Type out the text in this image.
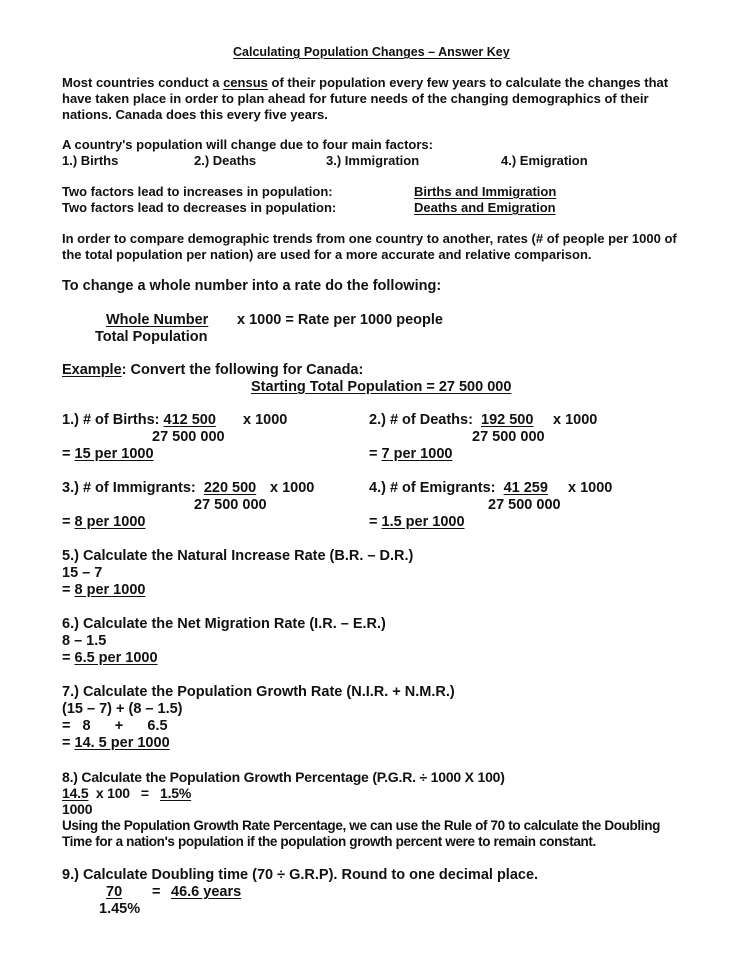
Calculating Population Changes – Answer Key
Most countries conduct a census of their population every few years to calculate the changes that
have taken place in order to plan ahead for future needs of the changing demographics of their
nations. Canada does this every five years.
A country's population will change due to four main factors:
1.) Births	2.) Deaths	3.) Immigration	4.) Emigration
Two factors lead to increases in population:	Births and Immigration
Two factors lead to decreases in population:	Deaths and Emigration
In order to compare demographic trends from one country to another, rates (# of people per 1000 of
the total population per nation) are used for a more accurate and relative comparison.
To change a whole number into a rate do the following:
Whole Number
Total Population
x 1000 = Rate per 1000 people
Example: Convert the following for Canada:
Starting Total Population = 27 500 000
1.) # of Births: 412 500 x 1000
27 500 000
= 15 per 1000
2.) # of Deaths:  192 500 x 1000
27 500 000
= 7 per 1000
3.) # of Immigrants:  220 500 x 1000
27 500 000
= 8 per 1000
4.) # of Emigrants:  41 259 x 1000
27 500 000
= 1.5 per 1000
5.) Calculate the Natural Increase Rate (B.R. – D.R.)
15 – 7
= 8 per 1000
6.) Calculate the Net Migration Rate (I.R. – E.R.)
8 – 1.5
= 6.5 per 1000
7.) Calculate the Population Growth Rate (N.I.R. + N.M.R.)
(15 – 7) + (8 – 1.5)
=   8      +      6.5
= 14. 5 per 1000
8.) Calculate the Population Growth Percentage (P.G.R. ÷ 1000 X 100)
14.5  x 100   =   1.5%
1000
Using the Population Growth Rate Percentage, we can use the Rule of 70 to calculate the Doubling
Time for a nation's population if the population growth percent were to remain constant.
9.) Calculate Doubling time (70 ÷ G.R.P). Round to one decimal place.
70 = 46.6 years
1.45%
